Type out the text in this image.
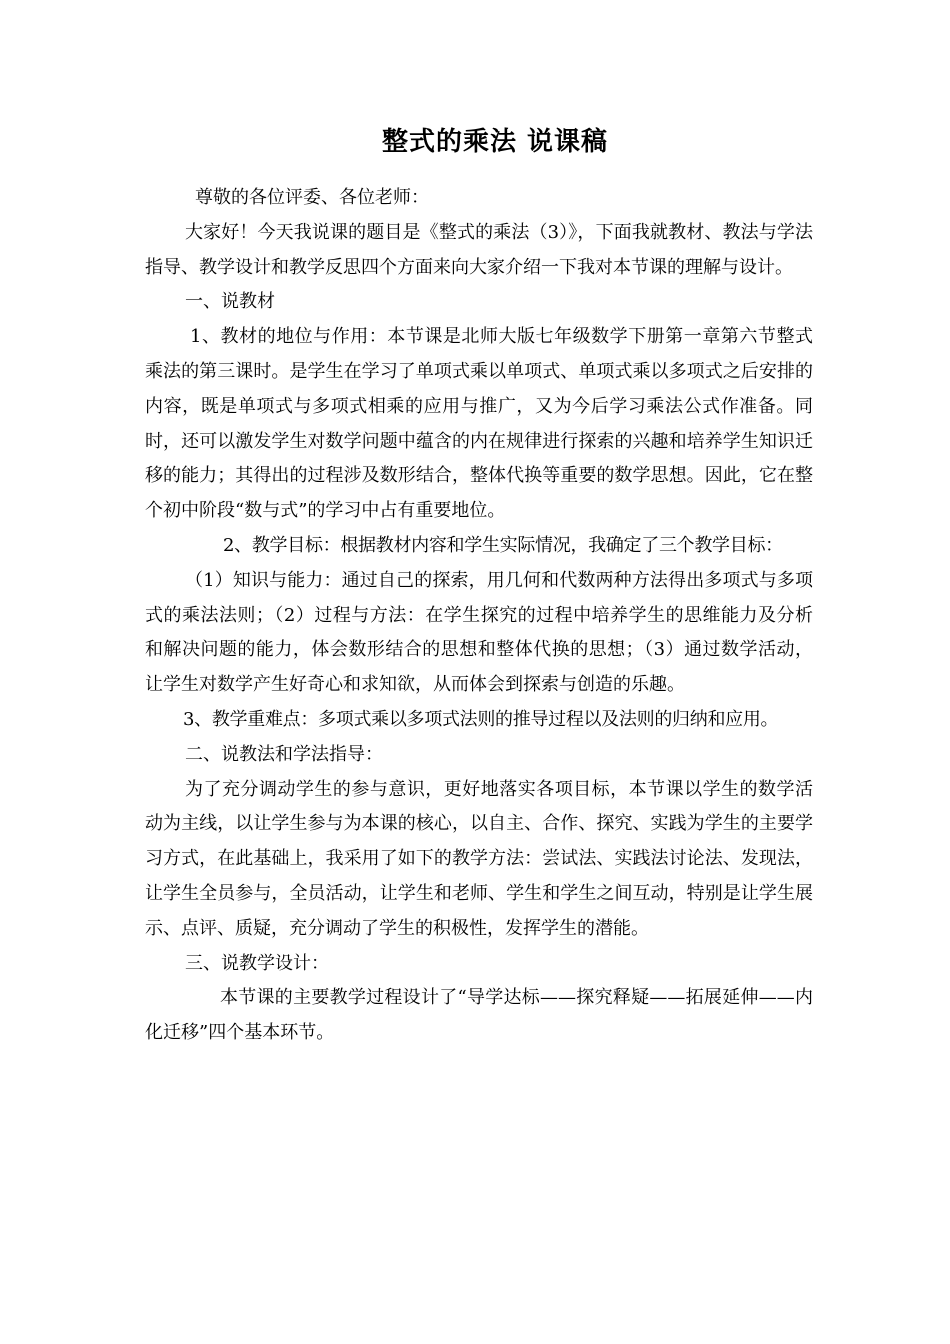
整式的乘法 说课稿

尊敬的各位评委、各位老师：

大家好！今天我说课的题目是《整式的乘法（3）》，下面我就教材、教法与学法指导、教学设计和教学反思四个方面来向大家介绍一下我对本节课的理解与设计。

一、说教材

1、教材的地位与作用：本节课是北师大版七年级数学下册第一章第六节整式乘法的第三课时。是学生在学习了单项式乘以单项式、单项式乘以多项式之后安排的内容，既是单项式与多项式相乘的应用与推广，又为今后学习乘法公式作准备。同时，还可以激发学生对数学问题中蕴含的内在规律进行探索的兴趣和培养学生知识迁移的能力；其得出的过程涉及数形结合，整体代换等重要的数学思想。因此，它在整个初中阶段“数与式”的学习中占有重要地位。

2、教学目标：根据教材内容和学生实际情况，我确定了三个教学目标：

（1）知识与能力：通过自己的探索，用几何和代数两种方法得出多项式与多项式的乘法法则；（2）过程与方法：在学生探究的过程中培养学生的思维能力及分析和解决问题的能力，体会数形结合的思想和整体代换的思想；（3）通过数学活动，让学生对数学产生好奇心和求知欲，从而体会到探索与创造的乐趣。

3、教学重难点：多项式乘以多项式法则的推导过程以及法则的归纳和应用。

二、说教法和学法指导：

为了充分调动学生的参与意识，更好地落实各项目标，本节课以学生的数学活动为主线，以让学生参与为本课的核心，以自主、合作、探究、实践为学生的主要学习方式，在此基础上，我采用了如下的教学方法：尝试法、实践法讨论法、发现法，让学生全员参与，全员活动，让学生和老师、学生和学生之间互动，特别是让学生展示、点评、质疑，充分调动了学生的积极性，发挥学生的潜能。

三、说教学设计：

本节课的主要教学过程设计了“导学达标——探究释疑——拓展延伸——内化迁移”四个基本环节。
